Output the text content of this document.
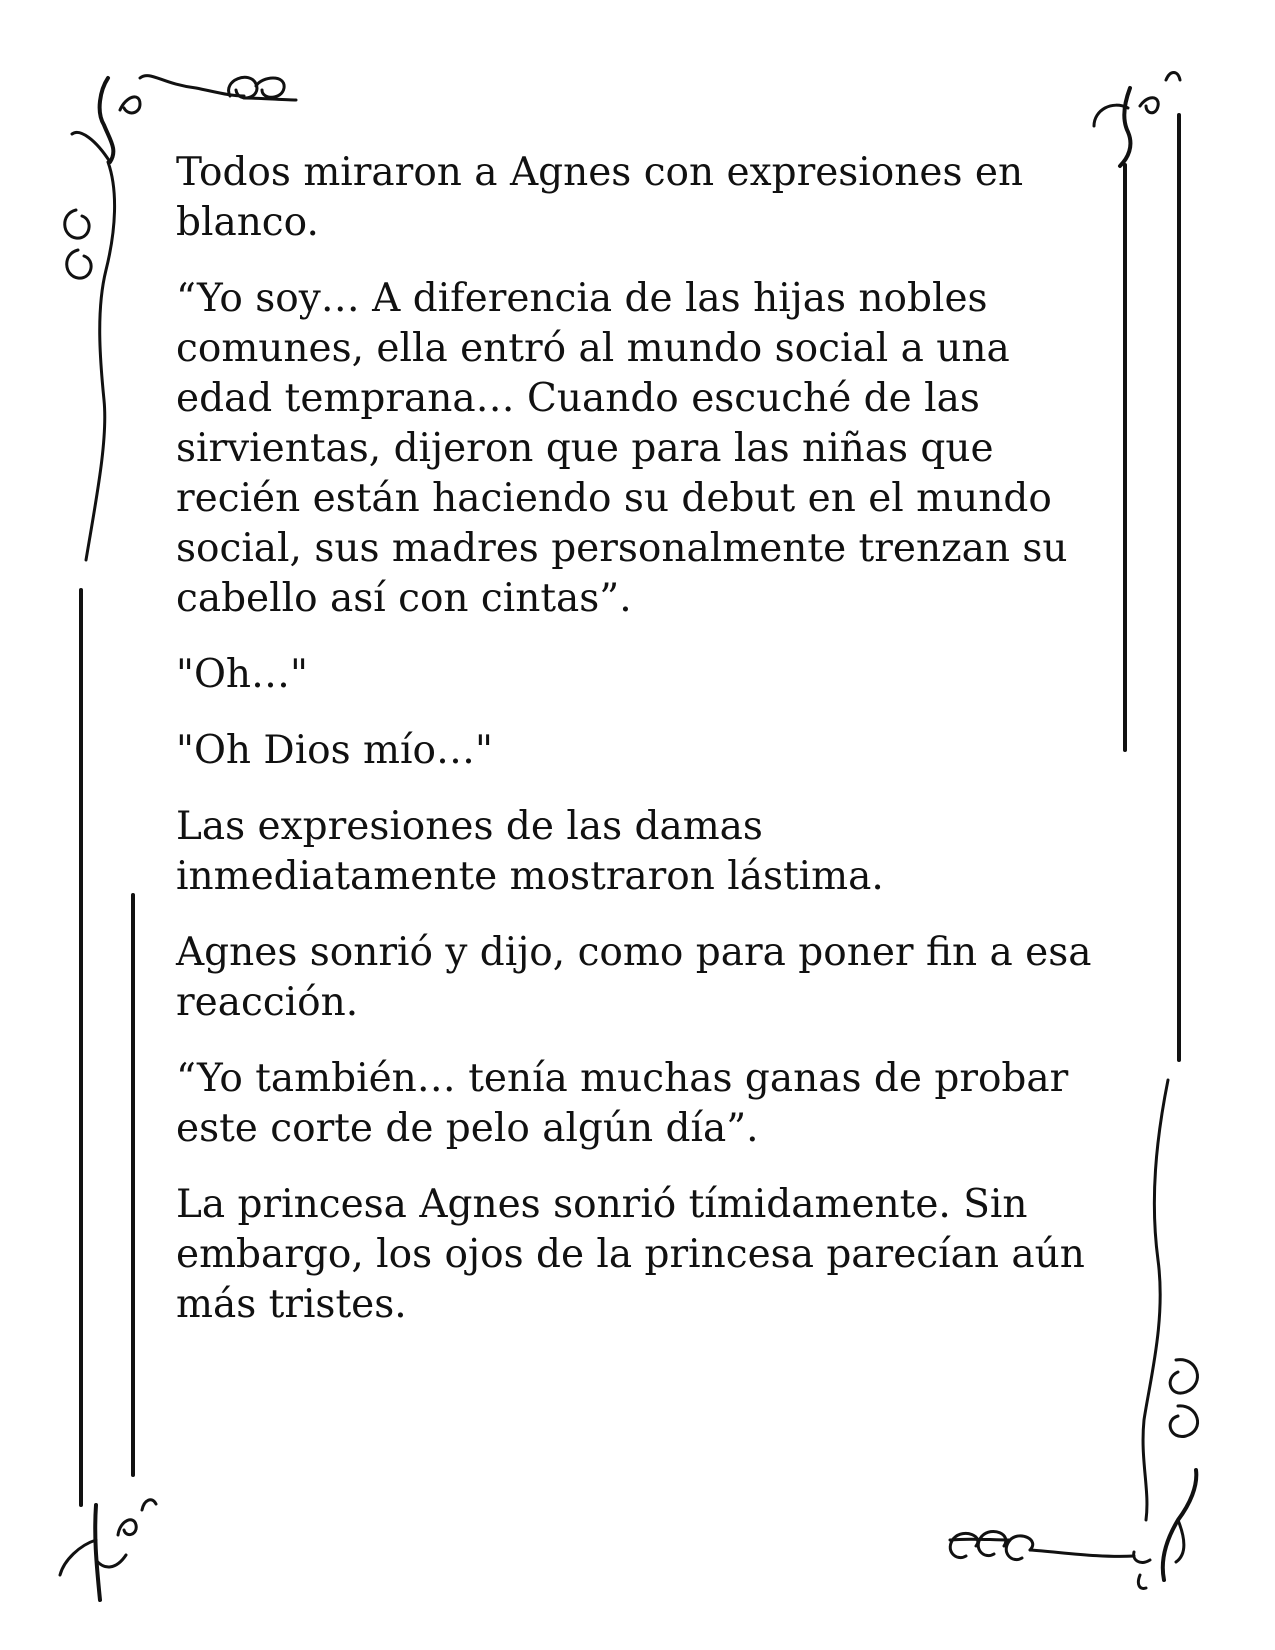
Todos miraron a Agnes con expresiones en blanco.

“Yo soy… A diferencia de las hijas nobles comunes, ella entró al mundo social a una edad temprana… Cuando escuché de las sirvientas, dijeron que para las niñas que recién están haciendo su debut en el mundo social, sus madres personalmente trenzan su cabello así con cintas”.

"Oh…"

"Oh Dios mío…"

Las expresiones de las damas inmediatamente mostraron lástima.

Agnes sonrió y dijo, como para poner fin a esa reacción.

“Yo también… tenía muchas ganas de probar este corte de pelo algún día”.

La princesa Agnes sonrió tímidamente. Sin embargo, los ojos de la princesa parecían aún más tristes.
